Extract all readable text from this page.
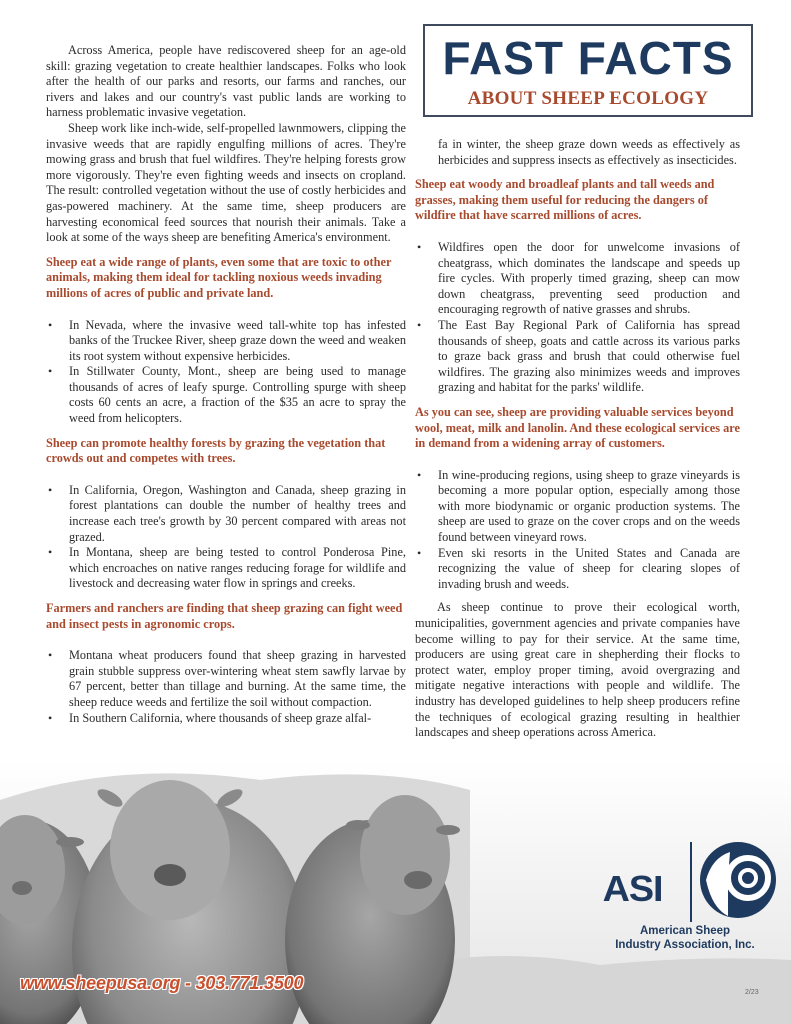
Across America, people have rediscovered sheep for an age-old skill: grazing vegetation to create healthier landscapes. Folks who look after the health of our parks and resorts, our farms and ranches, our rivers and lakes and our country's vast public lands are working to harness problematic invasive vegetation.

Sheep work like inch-wide, self-propelled lawnmowers, clipping the invasive weeds that are rapidly engulfing millions of acres. They're mowing grass and brush that fuel wildfires. They're helping forests grow more vigorously. They're even fighting weeds and insects on cropland. The result: controlled vegetation without the use of costly herbicides and gas-powered machinery. At the same time, sheep producers are harvesting economical feed sources that nourish their animals. Take a look at some of the ways sheep are benefiting America's environment.

Sheep eat a wide range of plants, even some that are toxic to other animals, making them ideal for tackling noxious weeds invading millions of acres of public and private land.

• In Nevada, where the invasive weed tall-white top has infested banks of the Truckee River, sheep graze down the weed and weaken its root system without expensive herbicides.
• In Stillwater County, Mont., sheep are being used to manage thousands of acres of leafy spurge. Controlling spurge with sheep costs 60 cents an acre, a fraction of the $35 an acre to spray the weed from helicopters.

Sheep can promote healthy forests by grazing the vegetation that crowds out and competes with trees.

• In California, Oregon, Washington and Canada, sheep grazing in forest plantations can double the number of healthy trees and increase each tree's growth by 30 percent compared with areas not grazed.
• In Montana, sheep are being tested to control Ponderosa Pine, which encroaches on native ranges reducing forage for wildlife and livestock and decreasing water flow in springs and creeks.

Farmers and ranchers are finding that sheep grazing can fight weed and insect pests in agronomic crops.

• Montana wheat producers found that sheep grazing in harvested grain stubble suppress over-wintering wheat stem sawfly larvae by 67 percent, better than tillage and burning. At the same time, the sheep reduce weeds and fertilize the soil without compaction.
• In Southern California, where thousands of sheep graze alfal-
FAST FACTS
ABOUT SHEEP ECOLOGY

fa in winter, the sheep graze down weeds as effectively as herbicides and suppress insects as effectively as insecticides.

Sheep eat woody and broadleaf plants and tall weeds and grasses, making them useful for reducing the dangers of wildfire that have scarred millions of acres.

• Wildfires open the door for unwelcome invasions of cheatgrass, which dominates the landscape and speeds up fire cycles. With properly timed grazing, sheep can mow down cheatgrass, preventing seed production and encouraging regrowth of native grasses and shrubs.
• The East Bay Regional Park of California has spread thousands of sheep, goats and cattle across its various parks to graze back grass and brush that could otherwise fuel wildfires. The grazing also minimizes weeds and improves grazing and habitat for the parks' wildlife.

As you can see, sheep are providing valuable services beyond wool, meat, milk and lanolin. And these ecological services are in demand from a widening array of customers.

• In wine-producing regions, using sheep to graze vineyards is becoming a more popular option, especially among those with more biodynamic or organic production systems. The sheep are used to graze on the cover crops and on the weeds found between vineyard rows.
• Even ski resorts in the United States and Canada are recognizing the value of sheep for clearing slopes of invading brush and weeds.

As sheep continue to prove their ecological worth, municipalities, government agencies and private companies have become willing to pay for their service. At the same time, producers are using great care in shepherding their flocks to protect water, employ proper timing, avoid overgrazing and mitigate negative interactions with people and wildlife. The industry has developed guidelines to help sheep producers refine the techniques of ecological grazing resulting in healthier landscapes and sheep operations across America.

www.sheepusa.org - 303.771.3500
ASI
American Sheep
Industry Association, Inc.
2/23
